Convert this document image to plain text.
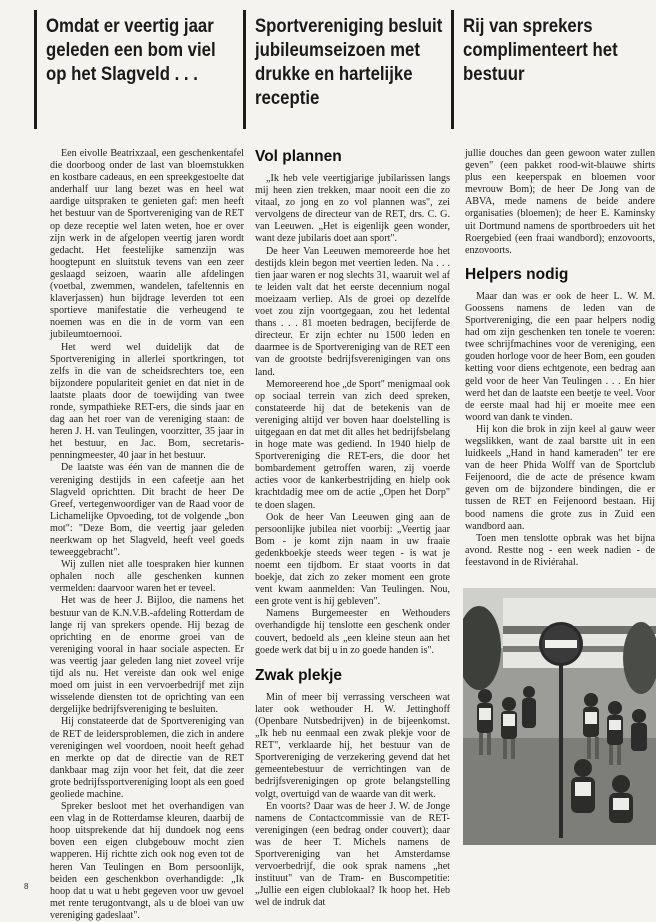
Omdat er veertig jaar geleden een bom viel op het Slagveld . . .
Sportvereniging besluit jubileumseizoen met drukke en hartelijke receptie
Rij van sprekers complimenteert het bestuur

Een eivolle Beatrixzaal, een geschenkentafel die doorboog onder de last van bloemstukken en kostbare cadeaus, en een spreekgestoelte dat anderhalf uur lang bezet was en heel wat aardige uitspraken te genieten gaf: men heeft het bestuur van de Sportvereniging van de RET op deze receptie wel laten weten, hoe er over zijn werk in de afgelopen veertig jaren wordt gedacht. Het feestelijke samenzijn was hoogtepunt en sluitstuk tevens van een zeer geslaagd seizoen, waarin alle afdelingen (voetbal, zwemmen, wandelen, tafeltennis en klaverjassen) hun bijdrage leverden tot een sportieve manifestatie die verheugend te noemen was en die in de vorm van een jubileumtoernooi.

Het werd wel duidelijk dat de Sportvereniging in allerlei sportkringen, tot zelfs in die van de scheidsrechters toe, een bijzondere populariteit geniet en dat niet in de laatste plaats door de toewijding van twee ronde, sympathieke RET-ers, die sinds jaar en dag aan het roer van de vereniging staan: de heren J. H. van Teulingen, voorzitter, 35 jaar in het bestuur, en Jac. Bom, secretaris-penningmeester, 40 jaar in het bestuur.

De laatste was één van de mannen die de vereniging destijds in een cafeetje aan het Slagveld oprichtten. Dit bracht de heer De Greef, vertegenwoordiger van de Raad voor de Lichamelijke Opvoeding, tot de volgende „bon mot": "Deze Bom, die veertig jaar geleden neerkwam op het Slagveld, heeft veel goeds teweeggebracht".

Wij zullen niet alle toespraken hier kunnen ophalen noch alle geschenken kunnen vermelden: daarvoor waren het er teveel.

Het was de heer J. Bijloo, die namens het bestuur van de K.N.V.B.-afdeling Rotterdam de lange rij van sprekers opende. Hij bezag de oprichting en de enorme groei van de vereniging vooral in haar sociale aspecten. Er was veertig jaar geleden lang niet zoveel vrije tijd als nu. Het vereiste dan ook wel enige moed om juist in een vervoerbedrijf met zijn wisselende diensten tot de oprichting van een dergelijke bedrijfsvereniging te besluiten.

Hij constateerde dat de Sportvereniging van de RET de leidersproblemen, die zich in andere verenigingen wel voordoen, nooit heeft gehad en merkte op dat de directie van de RET dankbaar mag zijn voor het feit, dat die zeer grote bedrijfssportvereniging loopt als een goed geoliede machine.

Spreker besloot met het overhandigen van een vlag in de Rotterdamse kleuren, daarbij de hoop uitsprekende dat hij dundoek nog eens boven een eigen clubgebouw mocht zien wapperen. Hij richtte zich ook nog even tot de heren Van Teulingen en Bom persoonlijk, beiden een geschenkbon overhandigde: „Ik hoop dat u wat u hebt gegeven voor uw gevoel met rente terugontvangt, als u de bloei van uw vereniging gadeslaat".

Vol plannen

„Ik heb vele veertigjarige jubilarissen langs mij heen zien trekken, maar nooit een die zo vitaal, zo jong en zo vol plannen was", zei vervolgens de directeur van de RET, drs. C. G. van Leeuwen. „Het is eigenlijk geen wonder, want deze jubilaris doet aan sport".

De heer Van Leeuwen memoreerde hoe het destijds klein begon met veertien leden. Na . . . tien jaar waren er nog slechts 31, waaruit wel af te leiden valt dat het eerste decennium nogal moeizaam verliep. Als de groei op dezelfde voet zou zijn voortgegaan, zou het ledental thans . . . 81 moeten bedragen, becijferde de directeur. Er zijn echter nu 1500 leden en daarmee is de Sportvereniging van de RET een van de grootste bedrijfsverenigingen van ons land.

Memoreerend hoe „de Sport" menigmaal ook op sociaal terrein van zich deed spreken, constateerde hij dat de betekenis van de vereniging altijd ver boven haar doelstelling is uitgegaan en dat met dit alles het bedrijfsbelang in hoge mate was gediend. In 1940 hielp de Sportvereniging die RET-ers, die door het bombardement getroffen waren, zij voerde acties voor de kankerbestrijding en hielp ook krachtdadig mee om de actie „Open het Dorp" te doen slagen.

Ook de heer Van Leeuwen ging aan de persoonlijke jubilea niet voorbij: „Veertig jaar Bom - je komt zijn naam in uw fraaie gedenkboekje steeds weer tegen - is wat je noemt een tijdbom. Er staat voorts in dat boekje, dat zich zo zeker moment een grote vent kwam aanmelden: Van Teulingen. Nou, een grote vent is hij gebleven".

Namens Burgemeester en Wethouders overhandigde hij tenslotte een geschenk onder couvert, bedoeld als „een kleine steun aan het goede werk dat bij u in zo goede handen is".

Zwak plekje

Min of meer bij verrassing verscheen wat later ook wethouder H. W. Jettinghoff (Openbare Nutsbedrijven) in de bijeenkomst. „Ik heb nu eenmaal een zwak plekje voor de RET", verklaarde hij, het bestuur van de Sportvereniging de verzekering gevend dat het gemeentebestuur de verrichtingen van de bedrijfsverenigingen op grote belangstelling volgt, overtuigd van de waarde van dit werk.

En voorts? Daar was de heer J. W. de Jonge namens de Contactcommissie van de RET-verenigingen (een bedrag onder couvert); daar was de heer T. Michels namens de Sportvereniging van het Amsterdamse vervoerbedrijf, die ook sprak namens „het instituut" van de Tram- en Buscompetitie: „Jullie een eigen clublokaal? Ik hoop het. Heb wel de indruk dat

jullie douches dan geen gewoon water zullen geven" (een pakket rood-wit-blauwe shirts plus een keeperspak en bloemen voor mevrouw Bom); de heer De Jong van de ABVA, mede namens de beide andere organisaties (bloemen); de heer E. Kaminsky uit Dortmund namens de sportbroeders uit het Roergebied (een fraai wandbord); enzovoorts, enzovoorts.

Helpers nodig

Maar dan was er ook de heer L. W. M. Goossens namens de leden van de Sportvereniging, die een paar helpers nodig had om zijn geschenken ten tonele te voeren: twee schrijfmachines voor de vereniging, een gouden horloge voor de heer Bom, een gouden ketting voor diens echtgenote, een bedrag aan geld voor de heer Van Teulingen . . . En hier werd het dan de laatste een beetje te veel. Voor de eerste maal had hij er moeite mee een woord van dank te vinden.

Hij kon die brok in zijn keel al gauw weer wegslikken, want de zaal barstte uit in een luidkeels „Hand in hand kameraden" ter ere van de heer Phida Wolff van de Sportclub Feijenoord, die de acte de présence kwam geven om de bijzondere bindingen, die er tussen de RET en Feijenoord bestaan. Hij bood namens die grote zus in Zuid een wandbord aan.

Toen men tenslotte opbrak was het bijna avond. Restte nog - een week nadien - de feestavond in de Riviérahal.

8
